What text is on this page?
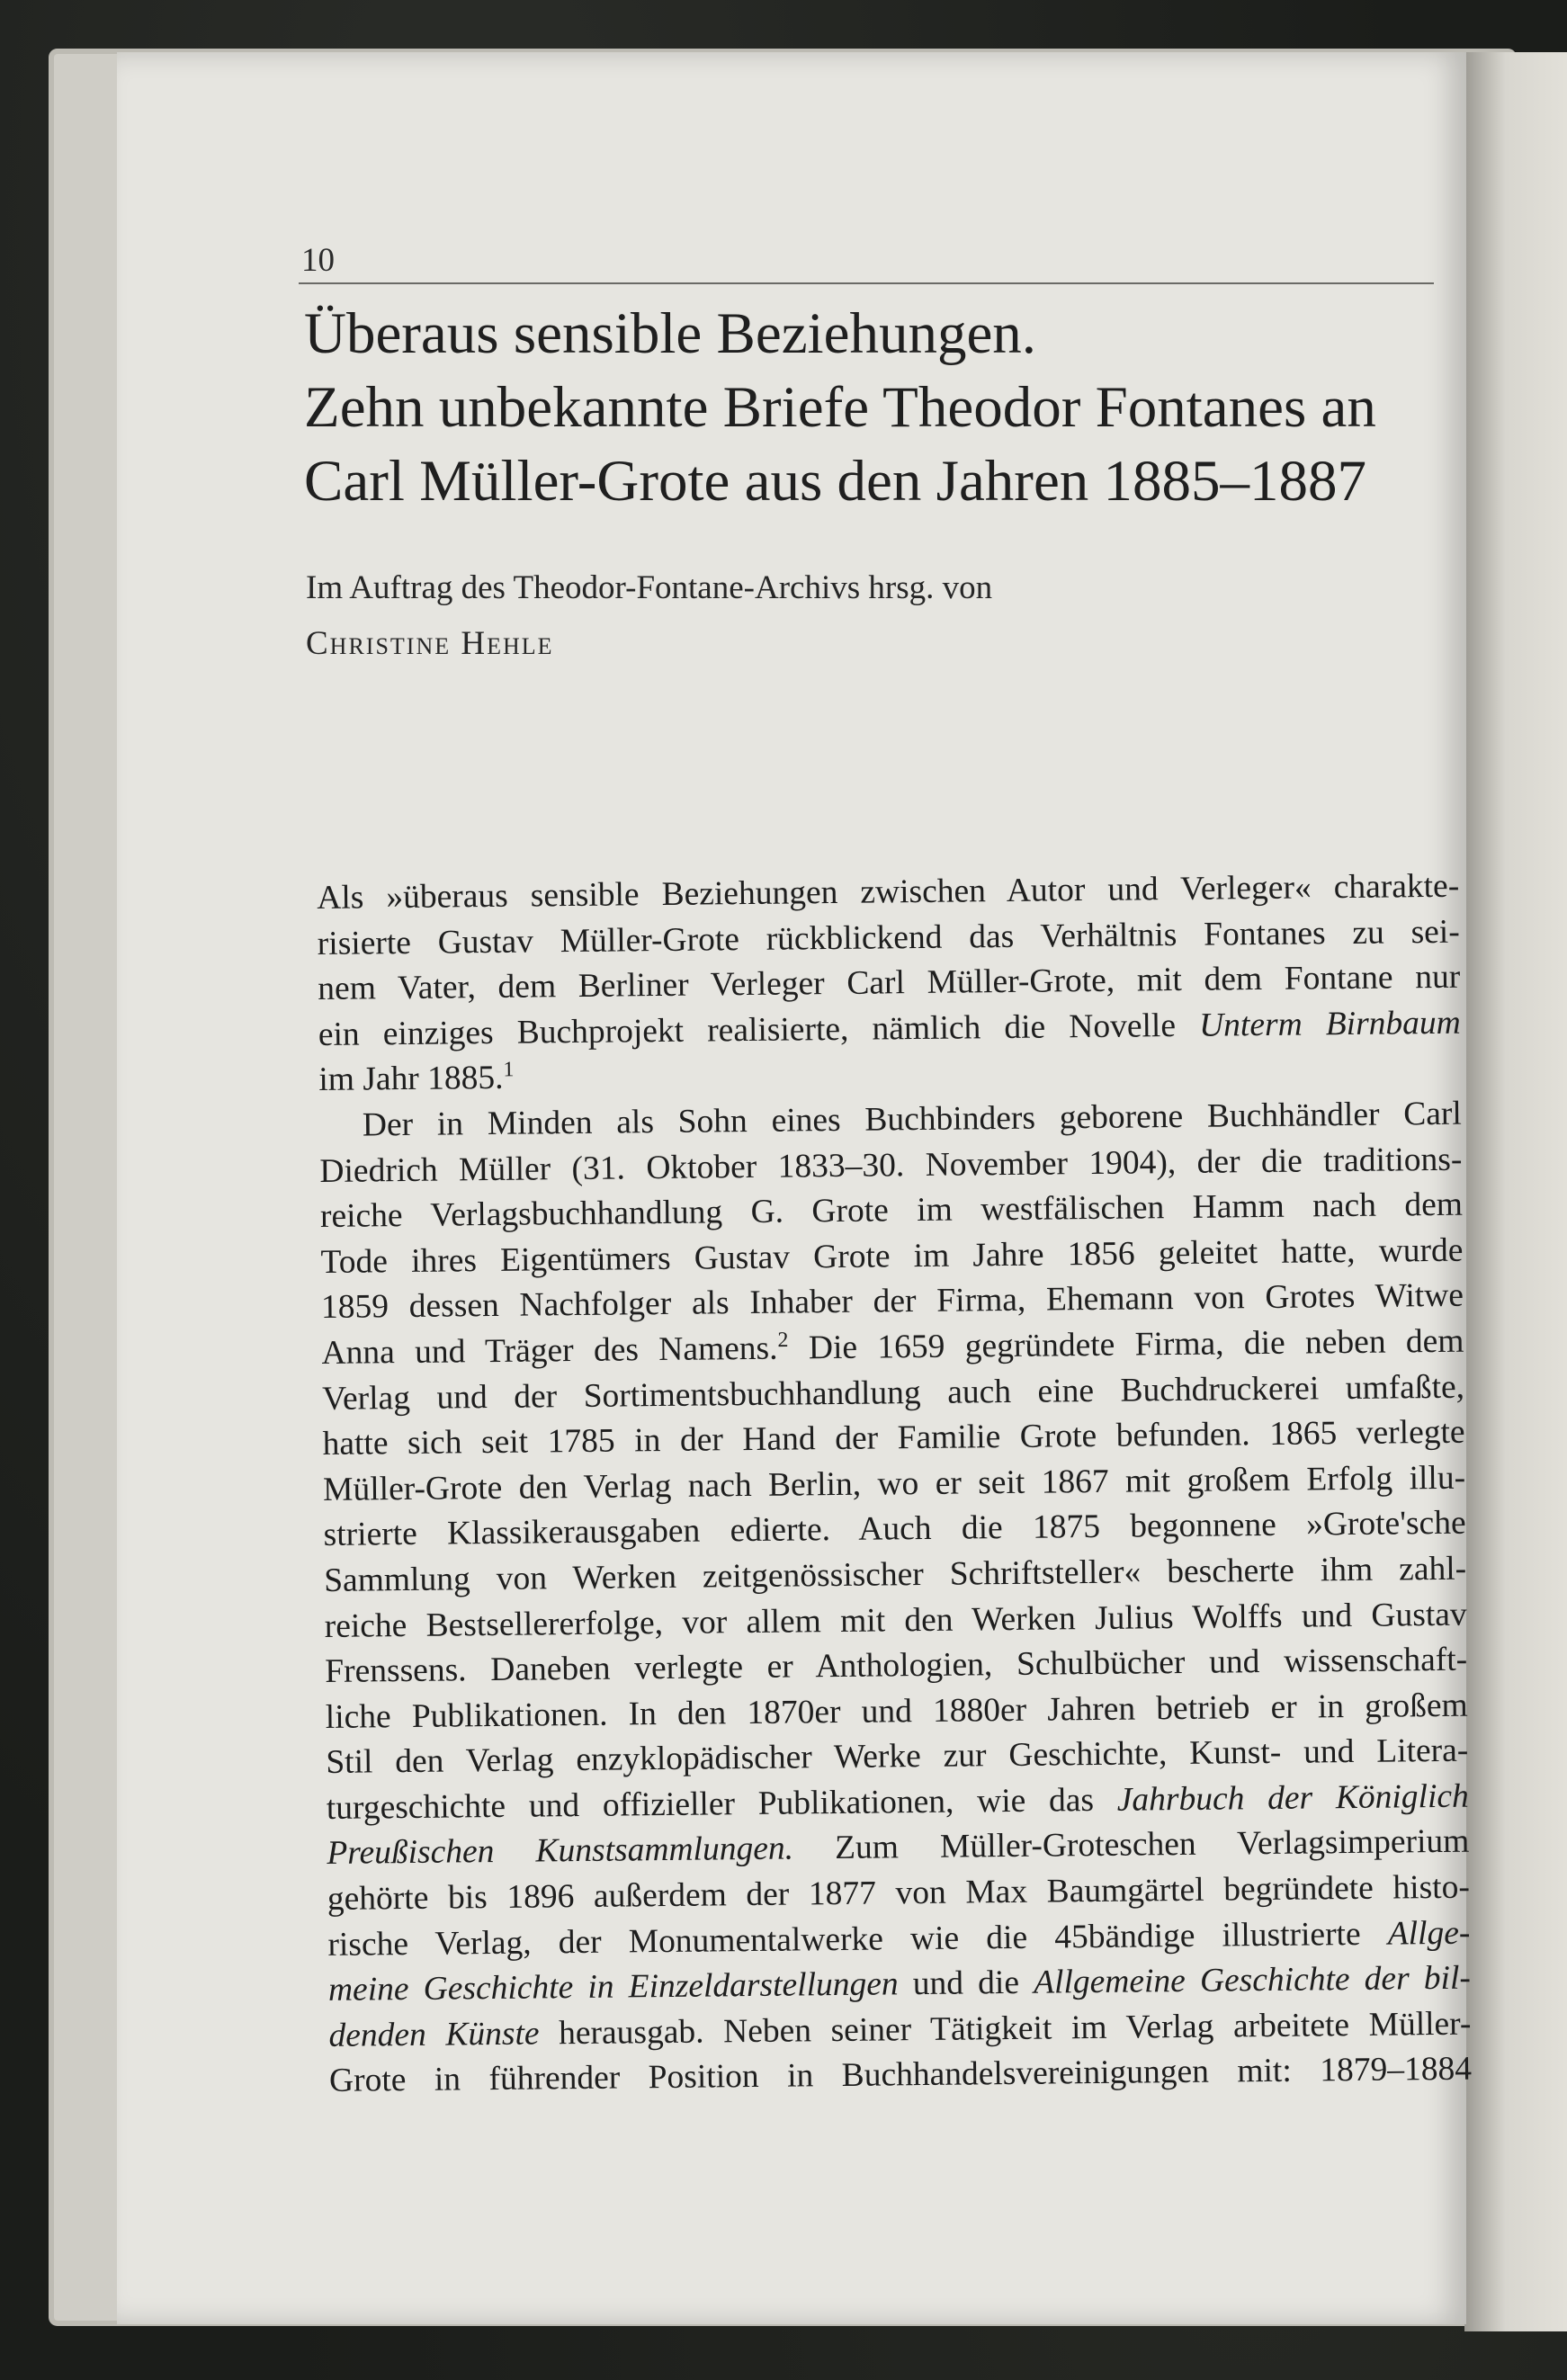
10

Überaus sensible Beziehungen.
Zehn unbekannte Briefe Theodor Fontanes an
Carl Müller-Grote aus den Jahren 1885–1887

Im Auftrag des Theodor-Fontane-Archivs hrsg. von

Christine Hehle

Als »überaus sensible Beziehungen zwischen Autor und Verleger« charakte-
risierte Gustav Müller-Grote rückblickend das Verhältnis Fontanes zu sei-
nem Vater, dem Berliner Verleger Carl Müller-Grote, mit dem Fontane nur
ein einziges Buchprojekt realisierte, nämlich die Novelle Unterm Birnbaum
im Jahr 1885.$^1$
Der in Minden als Sohn eines Buchbinders geborene Buchhändler Carl
Diedrich Müller (31. Oktober 1833–30. November 1904), der die traditions-
reiche Verlagsbuchhandlung G. Grote im westfälischen Hamm nach dem
Tode ihres Eigentümers Gustav Grote im Jahre 1856 geleitet hatte, wurde
1859 dessen Nachfolger als Inhaber der Firma, Ehemann von Grotes Witwe
Anna und Träger des Namens.$^2$ Die 1659 gegründete Firma, die neben dem
Verlag und der Sortimentsbuchhandlung auch eine Buchdruckerei umfaßte,
hatte sich seit 1785 in der Hand der Familie Grote befunden. 1865 verlegte
Müller-Grote den Verlag nach Berlin, wo er seit 1867 mit großem Erfolg illu-
strierte Klassikerausgaben edierte. Auch die 1875 begonnene »Grote'sche
Sammlung von Werken zeitgenössischer Schriftsteller« bescherte ihm zahl-
reiche Bestsellererfolge, vor allem mit den Werken Julius Wolffs und Gustav
Frenssens. Daneben verlegte er Anthologien, Schulbücher und wissenschaft-
liche Publikationen. In den 1870er und 1880er Jahren betrieb er in großem
Stil den Verlag enzyklopädischer Werke zur Geschichte, Kunst- und Litera-
turgeschichte und offizieller Publikationen, wie das Jahrbuch der Königlich
Preußischen Kunstsammlungen. Zum Müller-Groteschen Verlagsimperium
gehörte bis 1896 außerdem der 1877 von Max Baumgärtel begründete histo-
rische Verlag, der Monumentalwerke wie die 45bändige illustrierte Allge-
meine Geschichte in Einzeldarstellungen und die Allgemeine Geschichte der bil-
denden Künste herausgab. Neben seiner Tätigkeit im Verlag arbeitete Müller-
Grote in führender Position in Buchhandelsvereinigungen mit: 1879–1884
